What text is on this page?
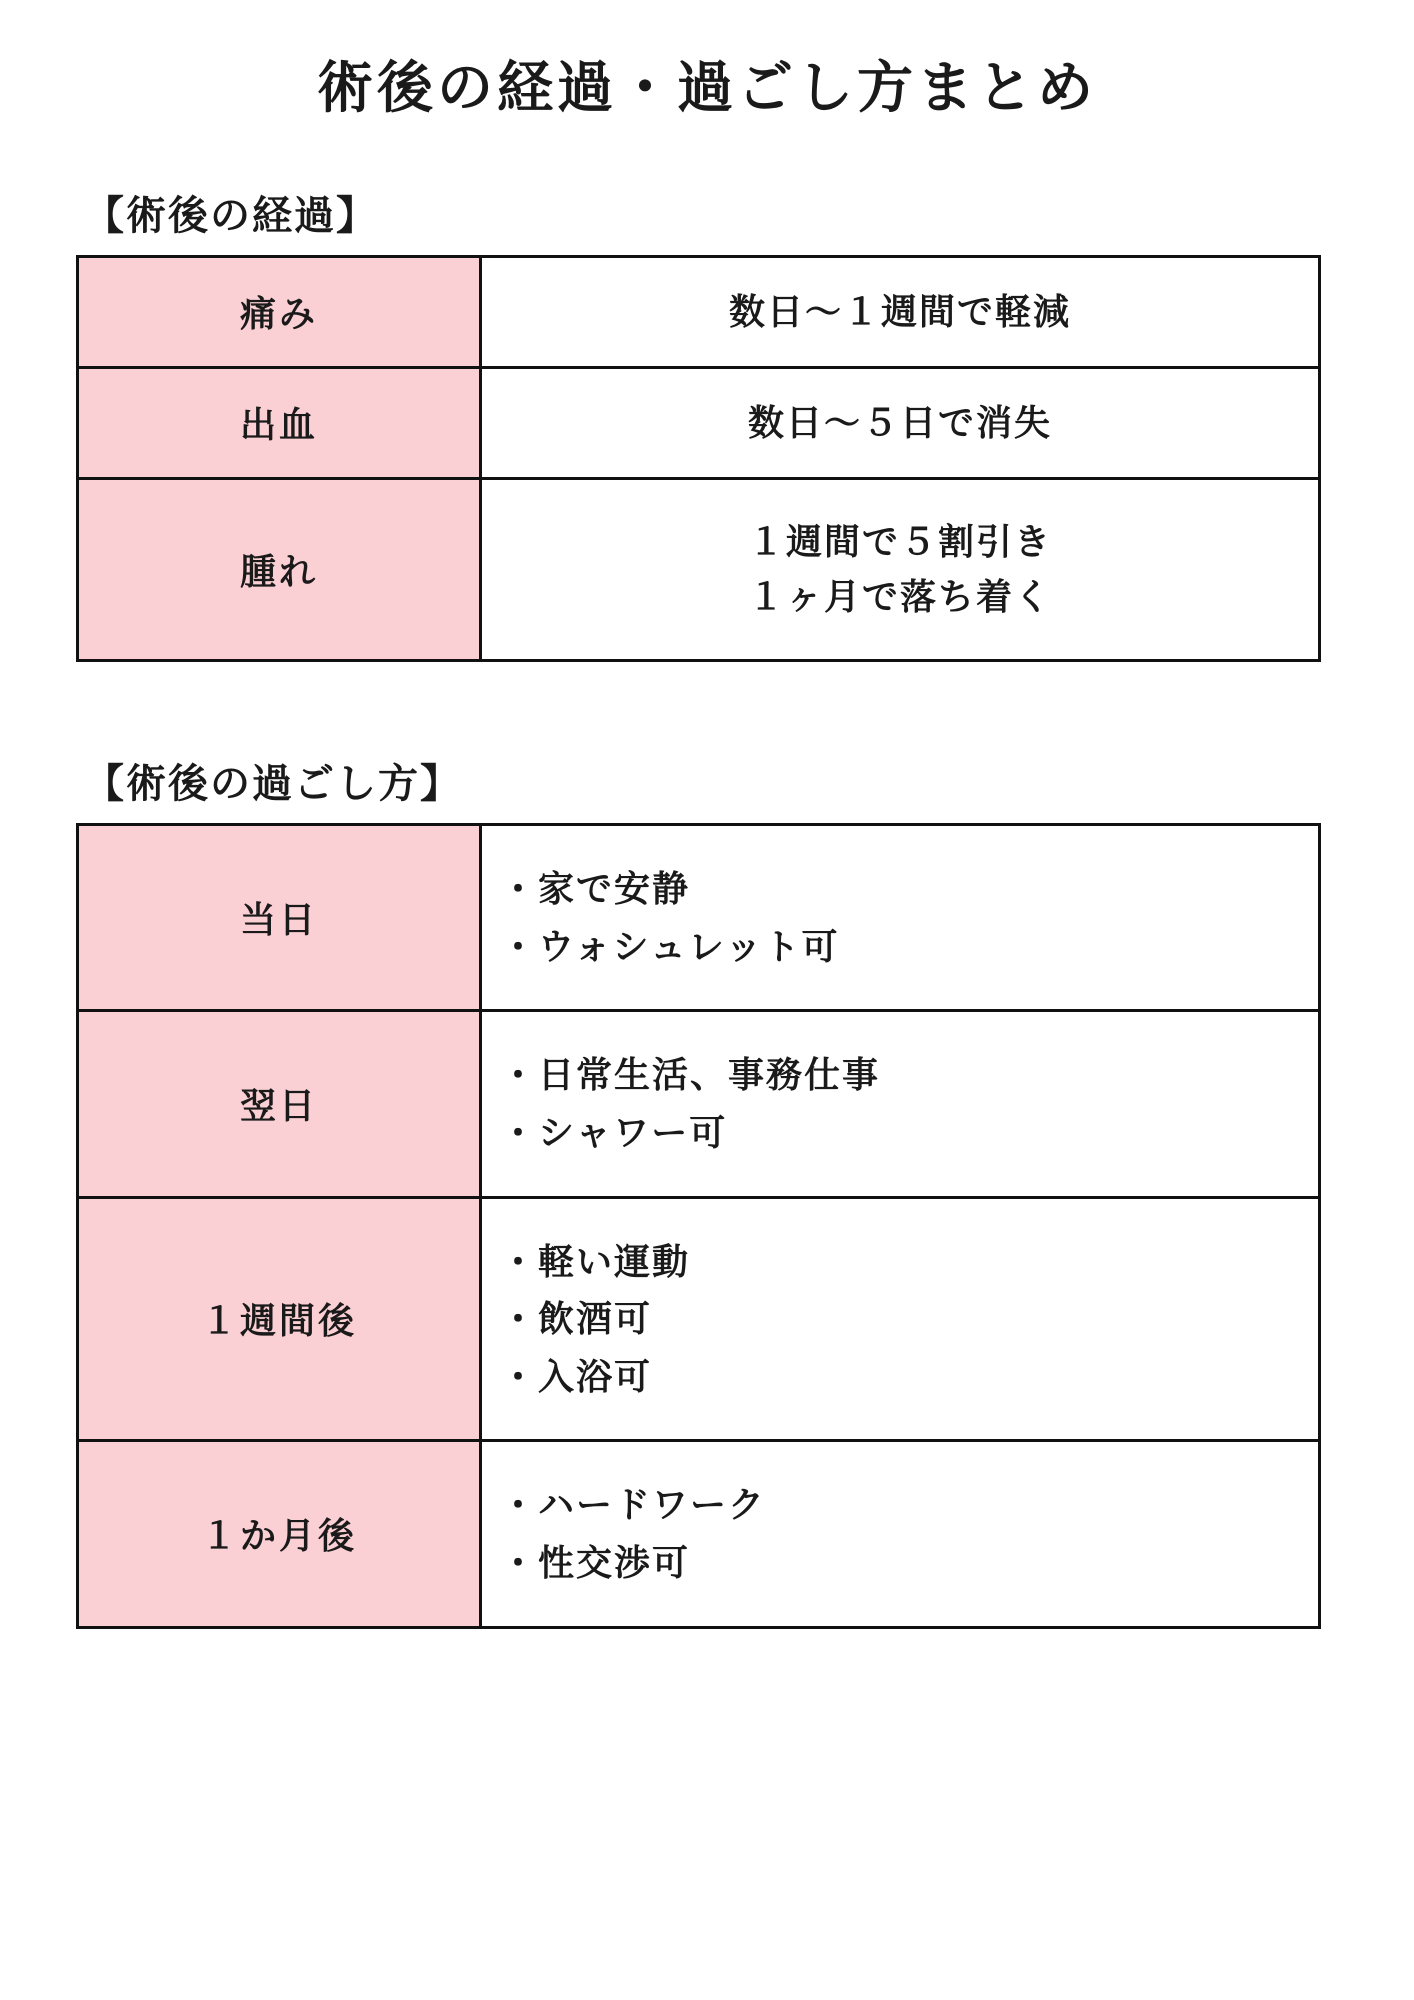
術後の経過・過ごし方まとめ
【術後の経過】
痛み	数日〜１週間で軽減

出血	数日〜５日で消失

腫れ	１週間で５割引き
１ヶ月で落ち着く
【術後の過ごし方】
当日	・家で安静
・ウォシュレット可

翌日	・日常生活、事務仕事
・シャワー可

１週間後	・軽い運動
・飲酒可
・入浴可

１か月後	・ハードワーク
・性交渉可
